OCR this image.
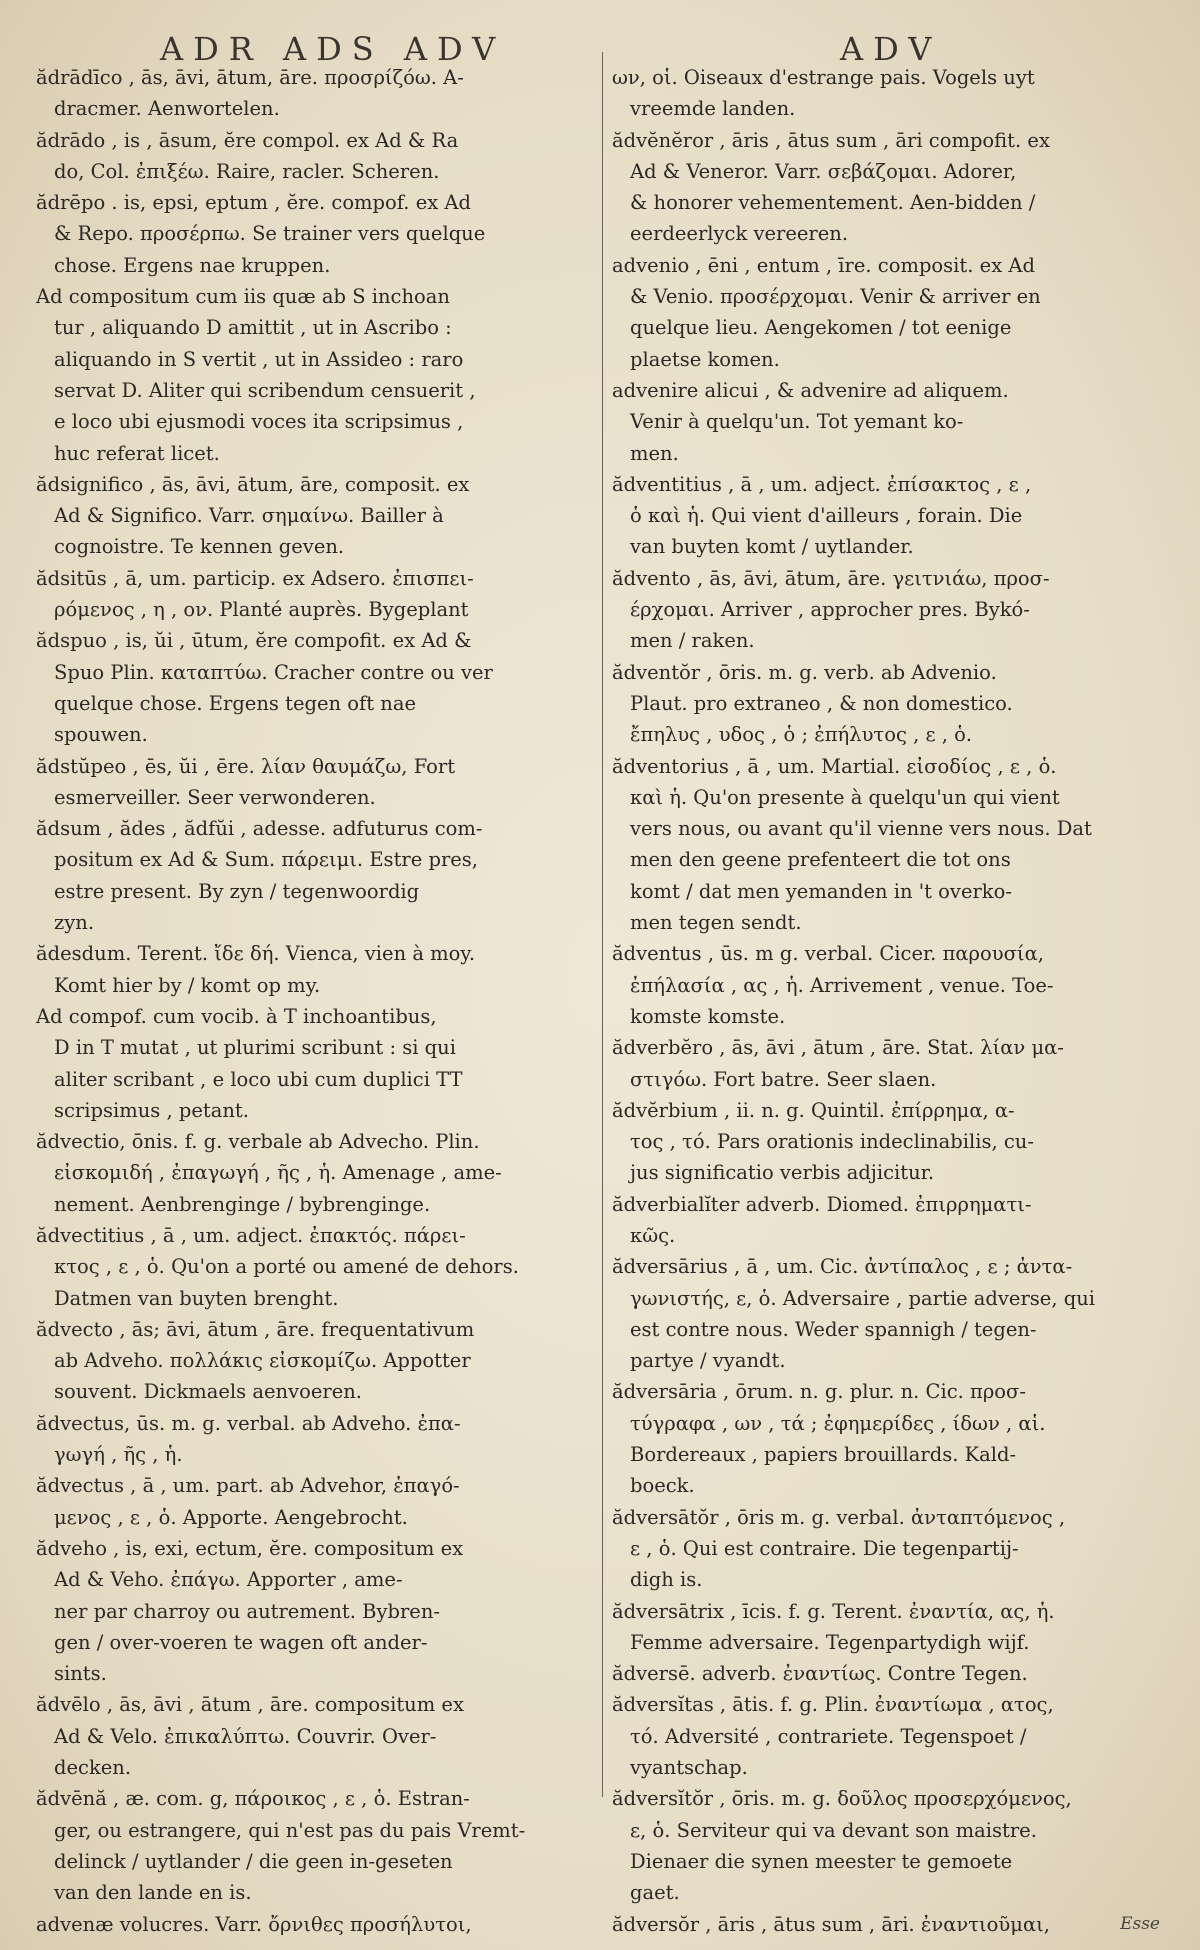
ADR ADS ADV	ADV
ădrādīco , ās, āvi, ātum, āre. προσρίζόω. A-
dracmer. Aenwortelen.
ădrādo , is , āsum, ĕre compol. ex Ad & Ra
do, Col. ἐπιξέω. Raire, racler. Scheren.
ădrēpo . is, epsi, eptum , ĕre. compof. ex Ad
& Repo. προσέρπω. Se trainer vers quelque
chose. Ergens nae kruppen.
Ad compositum cum iis quæ ab S inchoan
tur , aliquando D amittit , ut in Ascribo :
aliquando in S vertit , ut in Assideo : raro
servat D. Aliter qui scribendum censuerit ,
e loco ubi ejusmodi voces ita scripsimus ,
huc referat licet.
ădsignifico , ās, āvi, ātum, āre, composit. ex
Ad & Significo. Varr. σημαίνω. Bailler à
cognoistre. Te kennen geven.
ădsitūs , ā, um. particip. ex Adsero. ἐπισπει-
ρόμενος , η , ον. Planté auprès. Bygeplant
ădspuo , is, ŭi , ūtum, ĕre compofit. ex Ad &
Spuo Plin. καταπτύω. Cracher contre ou ver
quelque chose. Ergens tegen oft nae
spouwen.
ădstŭpeo , ēs, ŭi , ēre. λίαν θαυμάζω, Fort
esmerveiller. Seer verwonderen.
ădsum , ădes , ădfŭi , adesse. adfuturus com-
positum ex Ad & Sum. πάρειμι. Estre pres,
estre present. By zyn / tegenwoordig
zyn.
ădesdum. Terent. ἴδε δή. Vienca, vien à moy.
Komt hier by / komt op my.
Ad compof. cum vocib. à T inchoantibus,
D in T mutat , ut plurimi scribunt : si qui
aliter scribant , e loco ubi cum duplici TT
scripsimus , petant.
ădvectio, ōnis. f. g. verbale ab Advecho. Plin.
εἰσκομιδή , ἐπαγωγή , ῆς , ἡ. Amenage , ame-
nement. Aenbrenginge / bybrenginge.
ădvectitius , ā , um. adject. ἐπακτός. πάρει-
κτος , ε , ὁ. Qu'on a porté ou amené de dehors.
Datmen van buyten brenght.
ădvecto , ās; āvi, ātum , āre. frequentativum
ab Adveho. πολλάκις εἰσκομίζω. Appotter
souvent. Dickmaels aenvoeren.
ădvectus, ūs. m. g. verbal. ab Adveho. ἐπα-
γωγή , ῆς , ἡ.
ădvectus , ā , um. part. ab Advehor, ἐπαγό-
μενος , ε , ὁ. Apporte. Aengebrocht.
ădveho , is, exi, ectum, ĕre. compositum ex
Ad & Veho. ἐπάγω. Apporter , ame-
ner par charroy ou autrement. Bybren-
gen / over-voeren te wagen oft ander-
sints.
ădvēlo , ās, āvi , ātum , āre. compositum ex
Ad & Velo. ἐπικαλύπτω. Couvrir. Over-
decken.
ădvēnă , æ. com. g, πάροικος , ε , ὁ. Estran-
ger, ou estrangere, qui n'est pas du pais Vremt-
delinck / uytlander / die geen in-geseten
van den lande en is.
advenæ volucres. Varr. ὄρνιθες προσήλυτοι,
ων, οἱ. Oiseaux d'estrange pais. Vogels uyt
vreemde landen.
ădvĕnĕror , āris , ātus sum , āri compofit. ex
Ad & Veneror. Varr. σεβάζομαι. Adorer,
& honorer vehementement. Aen-bidden /
eerdeerlyck vereeren.
advenio , ēni , entum , īre. composit. ex Ad
& Venio. προσέρχομαι. Venir & arriver en
quelque lieu. Aengekomen / tot eenige
plaetse komen.
advenire alicui , & advenire ad aliquem.
Venir à quelqu'un. Tot yemant ko-
men.
ădventitius , ā , um. adject. ἐπίσακτος , ε ,
ὁ καὶ ἡ. Qui vient d'ailleurs , forain. Die
van buyten komt / uytlander.
ădvento , ās, āvi, ātum, āre. γειτνιάω, προσ-
έρχομαι. Arriver , approcher pres. Bykó-
men / raken.
ădventŏr , ōris. m. g. verb. ab Advenio.
Plaut. pro extraneo , & non domestico.
ἔπηλυς , υδος , ὁ ; ἐπήλυτος , ε , ὁ.
ădventorius , ā , um. Martial. εἰσοδίος , ε , ὁ.
καὶ ἡ. Qu'on presente à quelqu'un qui vient
vers nous, ou avant qu'il vienne vers nous. Dat
men den geene prefenteert die tot ons
komt / dat men yemanden in 't overko-
men tegen sendt.
ădventus , ūs. m g. verbal. Cicer. παρουσία,
ἐπήλασία , ας , ἡ. Arrivement , venue. Toe-
komste komste.
ădverbĕro , ās, āvi , ātum , āre. Stat. λίαν μα-
στιγόω. Fort batre. Seer slaen.
ădvĕrbium , ii. n. g. Quintil. ἐπίρρημα, α-
τος , τό. Pars orationis indeclinabilis, cu-
jus significatio verbis adjicitur.
ădverbialĭter adverb. Diomed. ἐπιρρηματι-
κῶς.
ădversārius , ā , um. Cic. ἀντίπαλος , ε ; ἀντα-
γωνιστής, ε, ὁ. Adversaire , partie adverse, qui
est contre nous. Weder spannigh / tegen-
partye / vyandt.
ădversāria , ōrum. n. g. plur. n. Cic. προσ-
τύγραφα , ων , τά ; ἐφημερίδες , ίδων , αἱ.
Bordereaux , papiers brouillards. Kald-
boeck.
ădversātŏr , ōris m. g. verbal. ἀνταπτόμενος ,
ε , ὁ. Qui est contraire. Die tegenpartij-
digh is.
ădversātrix , īcis. f. g. Terent. ἐναντία, ας, ἡ.
Femme adversaire. Tegenpartydigh wijf.
ădversē. adverb. ἐναντίως. Contre Tegen.
ădversĭtas , ātis. f. g. Plin. ἐναντίωμα , ατος,
τό. Adversité , contrariete. Tegenspoet /
vyantschap.
ădversĭtŏr , ōris. m. g. δοῦλος προσερχόμενος,
ε, ὁ. Serviteur qui va devant son maistre.
Dienaer die synen meester te gemoete
gaet.
ădversŏr , āris , ātus sum , āri. ἐναντιοῦμαι,	Esse
